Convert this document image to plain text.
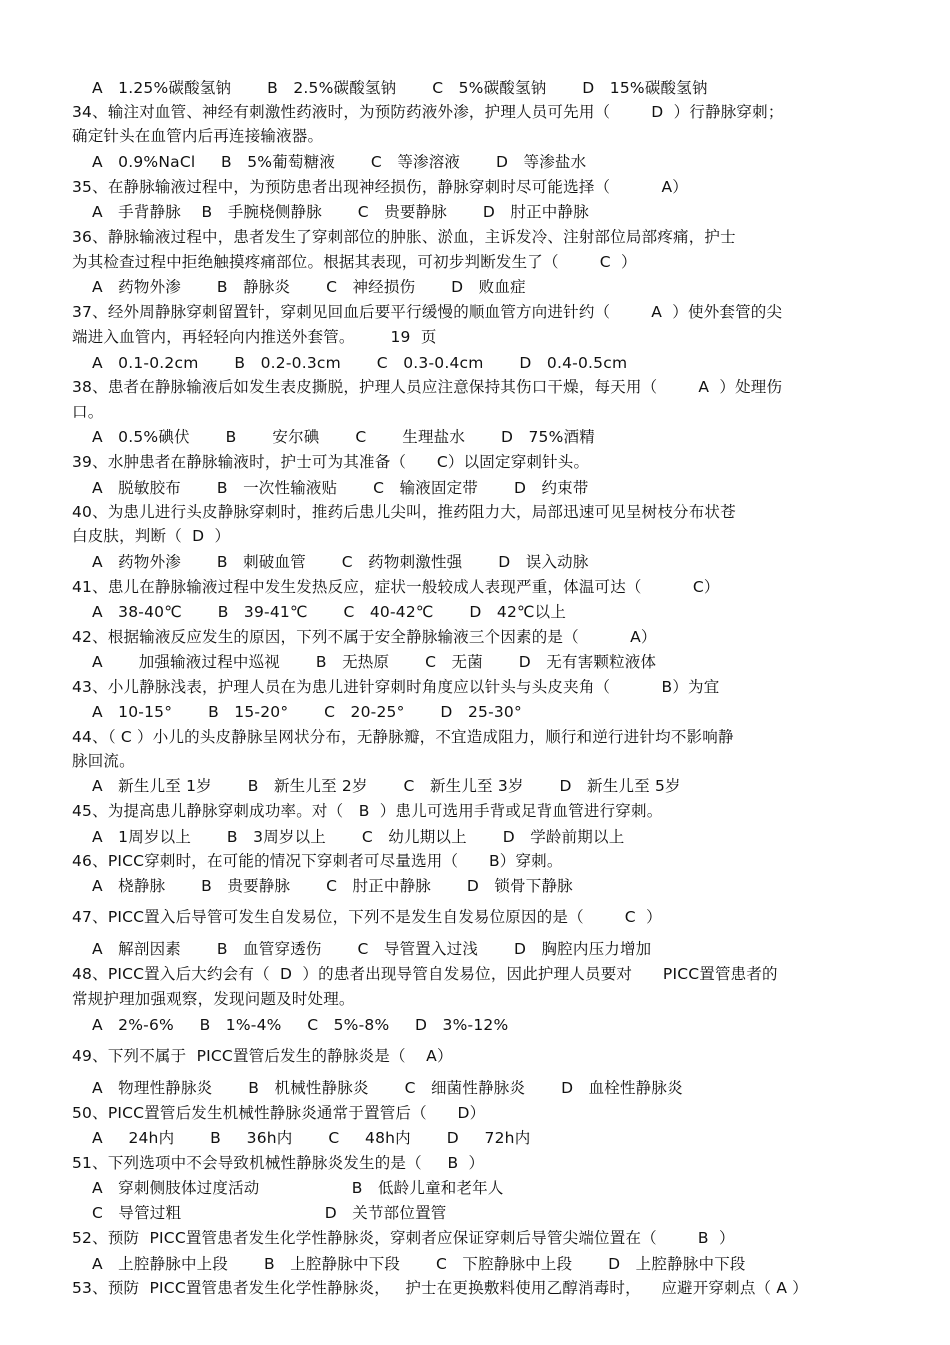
A   1.25%碳酸氢钠       B   2.5%碳酸氢钠       C   5%碳酸氢钠       D   15%碳酸氢钠
34、输注对血管、神经有刺激性药液时，为预防药液外渗，护理人员可先用（        D  ）行静脉穿刺；
确定针头在血管内后再连接输液器。
A   0.9%NaCl     B   5%葡萄糖液       C   等渗溶液       D   等渗盐水
35、在静脉输液过程中，为预防患者出现神经损伤，静脉穿刺时尽可能选择（          A）
A   手背静脉    B   手腕桡侧静脉       C   贵要静脉       D   肘正中静脉
36、静脉输液过程中，患者发生了穿刺部位的肿胀、淤血，主诉发冷、注射部位局部疼痛，护士
为其检查过程中拒绝触摸疼痛部位。根据其表现，可初步判断发生了（        C  ）
A   药物外渗       B   静脉炎       C   神经损伤       D   败血症
37、经外周静脉穿刺留置针，穿刺见回血后要平行缓慢的顺血管方向进针约（        A  ）使外套管的尖
端进入血管内，再轻轻向内推送外套管。       19  页
A   0.1-0.2cm       B   0.2-0.3cm       C   0.3-0.4cm       D   0.4-0.5cm
38、患者在静脉输液后如发生表皮撕脱，护理人员应注意保持其伤口干燥，每天用（        A  ）处理伤
口。
A   0.5%碘伏       B       安尔碘       C       生理盐水       D   75%酒精
39、水肿患者在静脉输液时，护士可为其准备（      C）以固定穿刺针头。
A   脱敏胶布       B   一次性输液贴       C   输液固定带       D   约束带
40、为患儿进行头皮静脉穿刺时，推药后患儿尖叫，推药阻力大，局部迅速可见呈树枝分布状苍
白皮肤，判断（  D  ）
A   药物外渗       B   刺破血管       C   药物刺激性强       D   误入动脉
41、患儿在静脉输液过程中发生发热反应，症状一般较成人表现严重，体温可达（          C）
A   38-40℃       B   39-41℃       C   40-42℃       D   42℃以上
42、根据输液反应发生的原因，下列不属于安全静脉输液三个因素的是（          A）
A       加强输液过程中巡视       B   无热原       C   无菌       D   无有害颗粒液体
43、小儿静脉浅表，护理人员在为患儿进针穿刺时角度应以针头与头皮夹角（          B）为宜
A   10-15°       B   15-20°       C   20-25°       D   25-30°
44、（ C ）小儿的头皮静脉呈网状分布，无静脉瓣，不宜造成阻力，顺行和逆行进针均不影响静
脉回流。
A   新生儿至 1岁       B   新生儿至 2岁       C   新生儿至 3岁       D   新生儿至 5岁
45、为提高患儿静脉穿刺成功率。对（   B  ）患儿可选用手背或足背血管进行穿刺。
A   1周岁以上       B   3周岁以上       C   幼儿期以上       D   学龄前期以上
46、PICC穿刺时，在可能的情况下穿刺者可尽量选用（      B）穿刺。
A   桡静脉       B   贵要静脉       C   肘正中静脉       D   锁骨下静脉
47、PICC置入后导管可发生自发易位，下列不是发生自发易位原因的是（        C  ）
A   解剖因素       B   血管穿透伤       C   导管置入过浅       D   胸腔内压力增加
48、PICC置入后大约会有（  D  ）的患者出现导管自发易位，因此护理人员要对      PICC置管患者的
常规护理加强观察，发现问题及时处理。
A   2%-6%     B   1%-4%     C   5%-8%     D   3%-12%
49、下列不属于  PICC置管后发生的静脉炎是（    A）
A   物理性静脉炎       B   机械性静脉炎       C   细菌性静脉炎       D   血栓性静脉炎
50、PICC置管后发生机械性静脉炎通常于置管后（      D）
A     24h内       B     36h内       C     48h内       D     72h内
51、下列选项中不会导致机械性静脉炎发生的是（     B  ）
A   穿刺侧肢体过度活动                  B   低龄儿童和老年人
C   导管过粗                            D   关节部位置管
52、预防  PICC置管患者发生化学性静脉炎，穿刺者应保证穿刺后导管尖端位置在（        B  ）
A   上腔静脉中上段       B   上腔静脉中下段       C   下腔静脉中上段       D   上腔静脉中下段
53、预防  PICC置管患者发生化学性静脉炎，   护士在更换敷料使用乙醇消毒时，    应避开穿刺点（ A ）
